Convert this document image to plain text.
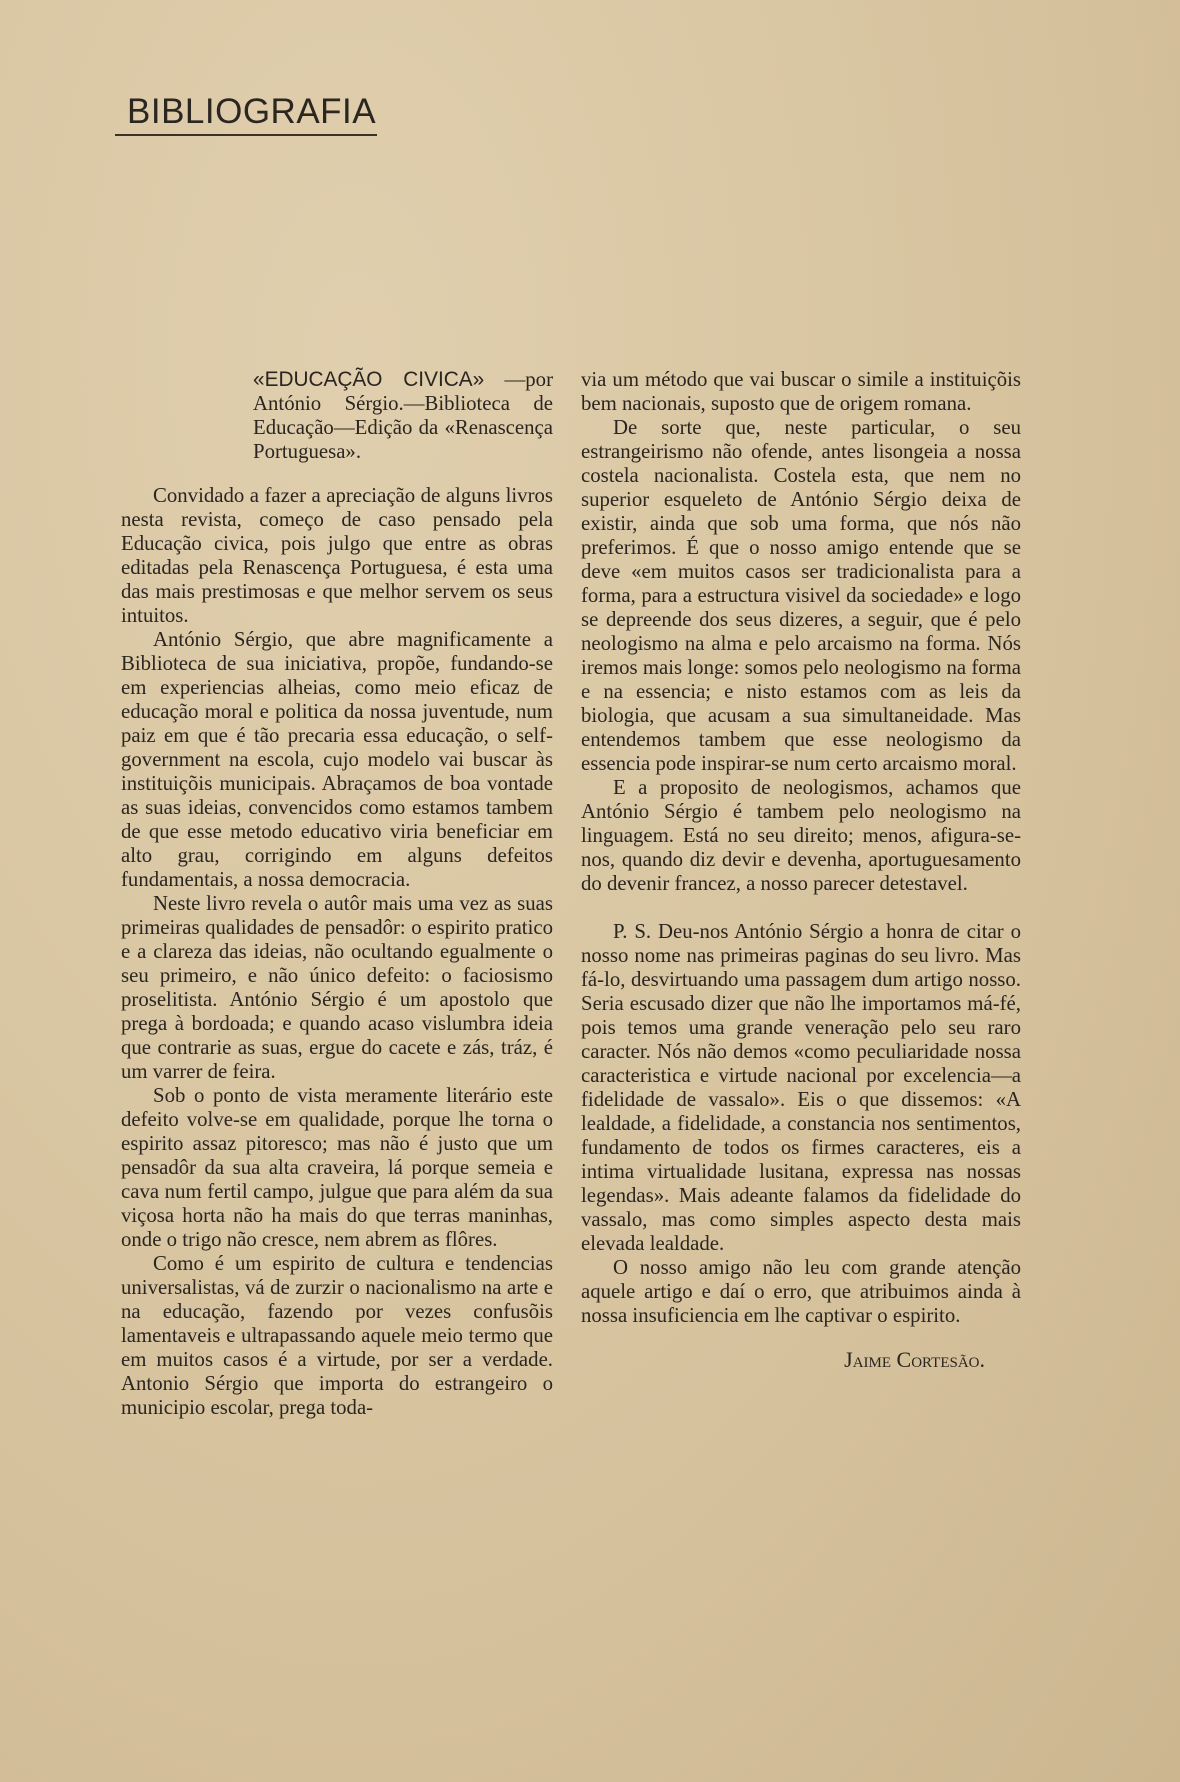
BIBLIOGRAFIA
«EDUCAÇÃO CIVICA» —por António Sérgio.—Biblioteca de Educação—Edição da «Renascença Portuguesa».

Convidado a fazer a apreciação de alguns livros nesta revista, começo de caso pensado pela Educação civica, pois julgo que entre as obras editadas pela Renascença Portuguesa, é esta uma das mais prestimosas e que melhor servem os seus intuitos.

António Sérgio, que abre magnificamente a Biblioteca de sua iniciativa, propõe, fundando-se em experiencias alheias, como meio eficaz de educação moral e politica da nossa juventude, num paiz em que é tão precaria essa educação, o self-government na escola, cujo modelo vai buscar às instituiçõis municipais. Abraçamos de boa vontade as suas ideias, convencidos como estamos tambem de que esse metodo educativo viria beneficiar em alto grau, corrigindo em alguns defeitos fundamentais, a nossa democracia.

Neste livro revela o autôr mais uma vez as suas primeiras qualidades de pensadôr: o espirito pratico e a clareza das ideias, não ocultando egualmente o seu primeiro, e não único defeito: o faciosismo proselitista. António Sérgio é um apostolo que prega à bordoada; e quando acaso vislumbra ideia que contrarie as suas, ergue do cacete e zás, tráz, é um varrer de feira.

Sob o ponto de vista meramente literário este defeito volve-se em qualidade, porque lhe torna o espirito assaz pitoresco; mas não é justo que um pensadôr da sua alta craveira, lá porque semeia e cava num fertil campo, julgue que para além da sua viçosa horta não ha mais do que terras maninhas, onde o trigo não cresce, nem abrem as flôres.

Como é um espirito de cultura e tendencias universalistas, vá de zurzir o nacionalismo na arte e na educação, fazendo por vezes confusõis lamentaveis e ultrapassando aquele meio termo que em muitos casos é a virtude, por ser a verdade. Antonio Sérgio que importa do estrangeiro o municipio escolar, prega toda-

via um método que vai buscar o simile a instituiçõis bem nacionais, suposto que de origem romana.

De sorte que, neste particular, o seu estrangeirismo não ofende, antes lisongeia a nossa costela nacionalista. Costela esta, que nem no superior esqueleto de António Sérgio deixa de existir, ainda que sob uma forma, que nós não preferimos. É que o nosso amigo entende que se deve «em muitos casos ser tradicionalista para a forma, para a estructura visivel da sociedade» e logo se depreende dos seus dizeres, a seguir, que é pelo neologismo na alma e pelo arcaismo na forma. Nós iremos mais longe: somos pelo neologismo na forma e na essencia; e nisto estamos com as leis da biologia, que acusam a sua simultaneidade. Mas entendemos tambem que esse neologismo da essencia pode inspirar-se num certo arcaismo moral.

E a proposito de neologismos, achamos que António Sérgio é tambem pelo neologismo na linguagem. Está no seu direito; menos, afigura-se-nos, quando diz devir e devenha, aportuguesamento do devenir francez, a nosso parecer detestavel.

P. S. Deu-nos António Sérgio a honra de citar o nosso nome nas primeiras paginas do seu livro. Mas fá-lo, desvirtuando uma passagem dum artigo nosso. Seria escusado dizer que não lhe importamos má-fé, pois temos uma grande veneração pelo seu raro caracter. Nós não demos «como peculiaridade nossa caracteristica e virtude nacional por excelencia—a fidelidade de vassalo». Eis o que dissemos: «A lealdade, a fidelidade, a constancia nos sentimentos, fundamento de todos os firmes caracteres, eis a intima virtualidade lusitana, expressa nas nossas legendas». Mais adeante falamos da fidelidade do vassalo, mas como simples aspecto desta mais elevada lealdade.

O nosso amigo não leu com grande atenção aquele artigo e daí o erro, que atribuimos ainda à nossa insuficiencia em lhe captivar o espirito.

Jaime Cortesão.
